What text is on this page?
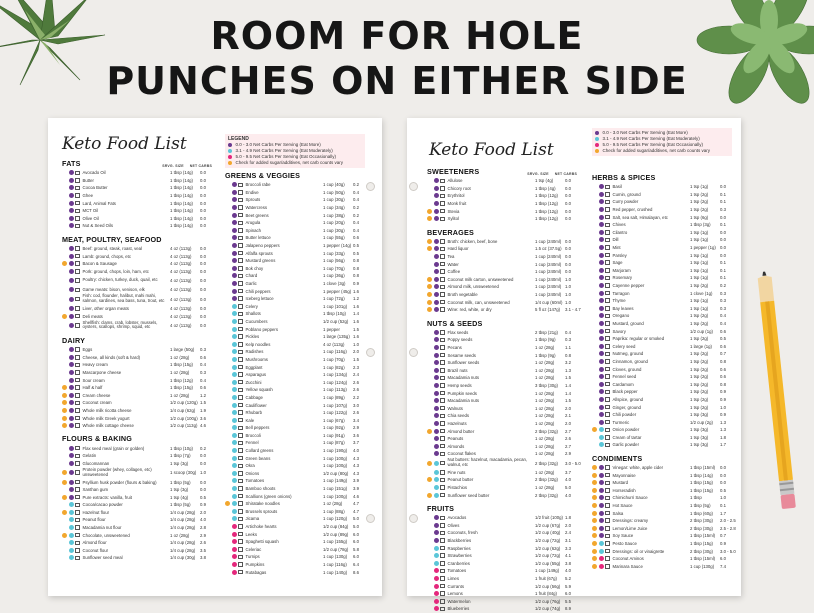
ROOM FOR HOLE
PUNCHES ON EITHER SIDE
Keto Food List	LEGEND
0.0 - 3.0 Net Carbs Per Serving (Eat More)
3.1 - 4.9 Net Carbs Per Serving (Eat Moderately)
5.0 - 9.5 Net Carbs Per Serving (Eat Occasionally)
Check for added sugar/additives, net carb counts vary
FATS	SRVG. SIZE NET CARBS
Avocado Oil	1 tbsp (14g)	0.0
Butter	1 tbsp (14g)	0.0
Cocoa Butter	1 tbsp (14g)	0.0
Ghee	1 tbsp (14g)	0.0
Lard, Animal Fats	1 tbsp (14g)	0.0
MCT Oil	1 tbsp (14g)	0.0
Olive Oil	1 tbsp (14g)	0.0
Nut & Seed Oils	1 tbsp (14g)	0.0
MEAT, POULTRY, SEAFOOD
Beef: ground, steak, roast, veal	4 oz (113g)	0.0
Lamb: ground, chops, etc	4 oz (113g)	0.0
Bacon & Sausage	4 oz (113g)	0.0
Pork: ground, chops, loin, ham, etc	4 oz (113g)	0.0
Poultry: chicken, turkey, duck, quail, etc	4 oz (113g)	0.0
Game meats: bison, venison, elk	4 oz (113g)	0.0
Fish: cod, flounder, halibut, mahi mahi, salmon, sardines, sea bass, tuna, trout, etc	4 oz (113g)	0.0
Liver, other organ meats	4 oz (113g)	0.0
Deli meats	4 oz (113g)	0.0
Shellfish: clams, crab, lobster, mussels, oysters, scallops, shrimp, squid, etc	4 oz (113g)	0.0
DAIRY
Eggs	1 large (50g)	0.3
Cheese, all kinds (soft & hard)	1 oz (28g)	0.6
Heavy cream	1 tbsp (15g)	0.4
Mascarpone cheese	1 oz (28g)	0.3
Sour cream	1 tbsp (12g)	0.4
Half & half	1 tbsp (15g)	0.6
Cream cheese	1 oz (28g)	1.2
Coconut cream	1/2 cup (120g) 1.5
Whole milk ricotta cheese	1/4 cup (62g)	1.9
Whole milk Greek yogurt	1/2 cup (100g) 3.6
Whole milk cottage cheese	1/2 cup (113g) 4.6
FLOURS & BAKING
Flax seed meal (grain or golden)	1 tbsp (10g)	0.2
Gelatin	1 tbsp (7g)	0.0
Glucomannan	1 tsp (3g)	0.0
Protein powder (whey, collagen, etc) unsweetened	1 scoop (30g) 1.0
Psyllium husk powder (flours & baking)	1 tbsp (5g)	0.0
Xanthan gum	1 tsp (3g)	0.0
Pure extracts: vanilla, fruit	1 tsp (4g)	0.5
Cocoa/cacao powder	1 tbsp (5g)	0.9
Hazelnut flour	1/4 cup (28g)	2.0
Peanut flour	1/4 cup (28g)	4.0
Macadamia nut flour	1/4 cup (28g)	2.8
Chocolate, unsweetened	1 oz (28g)	2.9
Almond flour	1/4 cup (28g)	2.6
Coconut flour	1/4 cup (28g)	3.5
Sunflower seed meal	1/4 cup (30g)	3.8
GREENS & VEGGIES
Broccoli rabe	1 cup (40g)	0.2
Endive	1 cup (50g)	0.4
Sprouts	1 cup (30g)	0.4
Watercress	1 cup (34g)	0.2
Beet greens	1 cup (38g)	0.2
Arugula	1 cup (20g)	0.4
Spinach	1 cup (30g)	0.4
Butter lettuce	1 cup (55g)	0.6
Jalapeno peppers	1 pepper (14g) 0.5
Alfalfa sprouts	1 cup (33g)	0.5
Mustard greens	1 cup (56g)	0.8
Bok choy	1 cup (70g)	0.8
Chard	1 cup (36g)	0.8
Garlic	1 clove (3g)	0.9
Chili peppers	1 pepper (45g) 1.6
Iceberg lettuce	1 cup (72g)	1.2
Celery	1 cup (101g)	1.6
Shallots	1 tbsp (10g)	1.4
Cucumbers	1/2 cup (52g)	1.6
Poblano peppers	1 pepper	1.5
Pickles	1 large (135g) 1.6
Kelp noodles	4 oz (113g)	1.0
Radishes	1 cup (116g)	2.0
Mushrooms	1 cup (70g)	1.5
Eggplant	1 cup (82g)	2.3
Asparagus	1 cup (134g)	2.4
Zucchini	1 cup (124g)	2.6
Yellow squash	1 cup (113g)	2.6
Cabbage	1 cup (89g)	2.2
Cauliflower	1 cup (107g)	3.0
Rhubarb	1 cup (122g)	2.6
Kale	1 cup (67g)	3.4
Bell peppers	1 cup (92g)	2.9
Broccoli	1 cup (91g)	3.6
Fennel	1 cup (87g)	3.7
Collard greens	1 cup (190g)	4.0
Green beans	1 cup (100g)	4.3
Okra	1 cup (100g)	4.3
Onions	1/2 cup (80g)	4.3
Tomatoes	1 cup (149g)	3.9
Bamboo shoots	1 cup (151g)	3.9
Scallions (green onions)	1 cup (100g)	4.6
Shiratake noodles	1 oz (28g)	4.7
Brussels sprouts	1 cup (88g)	4.7
Jicama	1 cup (120g)	5.0
Artichoke hearts	1/2 cup (84g)	5.0
Leeks	1/2 cup (89g)	6.0
Spaghetti squash	1 cup (155g)	6.0
Celeriac	1/2 cup (78g)	5.8
Turnips	1 cup (130g)	6.0
Pumpkins	1 cup (116g)	6.4
Rutabagas	1 cup (140g)	8.6
Keto Food List
0.0 - 3.0 Net Carbs Per Serving (Eat More)
3.1 - 4.9 Net Carbs Per Serving (Eat Moderately)
5.0 - 9.5 Net Carbs Per Serving (Eat Occasionally)
Check for added sugar/additives, net carb counts vary
SWEETENERS	SRVG. SIZE NET CARBS
Allulose	1 tsp (4g)	0.0
Chicory root	1 tbsp (4g)	0.0
Erythritol	1 tbsp (12g)	0.0
Monk fruit	1 tbsp (12g)	0.0
Stevia	1 tbsp (12g)	0.0
Xylitol	1 tbsp (12g)	0.0
BEVERAGES
Broth: chicken, beef, bone	1 cup (240ml) 0.0
Hard liquor	1.5 oz (37.5g) 0.0
Tea	1 cup (240ml) 0.0
Water	1 cup (240ml) 0.0
Coffee	1 cup (240ml) 0.0
Coconut milk carton, unsweetened	1 cup (240ml) 1.0
Almond milk, unsweetened	1 cup (240ml) 1.0
Broth vegetable	1 cup (240ml) 1.0
Coconut milk, can, unsweetened	1/4 cup (60ml) 1.0
Wine: red, white, or dry	5 fl oz (147g)	3.1 - 4.7
NUTS & SEEDS
Flax seeds	2 tbsp (21g)	0.4
Poppy seeds	1 tbsp (9g)	0.3
Pecans	1 oz (28g)	1.1
Sesame seeds	1 tbsp (9g)	0.8
Sunflower seeds	1 oz (28g)	3.2
Brazil nuts	1 oz (28g)	1.3
Macadamia nuts	1 oz (28g)	1.5
Hemp seeds	3 tbsp (30g)	1.4
Pumpkin seeds	1 oz (28g)	1.4
Macadamia nuts	1 oz (28g)	1.5
Walnuts	1 oz (28g)	2.0
Chia seeds	1 oz (28g)	2.1
Hazelnuts	1 oz (28g)	2.0
Almond butter	2 tbsp (32g)	2.7
Peanuts	1 oz (28g)	2.6
Almonds	1 oz (28g)	2.7
Coconut flakes	1 oz (28g)	2.9
Nut butters: hazelnut, macadamia, pecan, walnut, etc	2 tbsp (32g)	3.0 - 5.0
Pine nuts	1 oz (28g)	3.7
Peanut butter	2 tbsp (32g)	4.0
Pistachios	1 oz (28g)	5.0
Sunflower seed butter	2 tbsp (32g)	4.0
FRUITS
Avocados	1/2 fruit (100g) 1.8
Olives	1/2 cup (67g)	2.0
Coconuts, fresh	1/2 cup (40g)	2.4
Blackberries	1/2 cup (72g)	3.1
Raspberries	1/2 cup (62g)	3.3
Strawberries	1/2 cup (72g)	4.1
Cranberries	1/2 cup (55g)	3.8
Tomatoes	1 cup (149g)	4.0
Limes	1 fruit (67g)	5.2
Currants	1/2 cup (56g)	5.9
Lemons	1 fruit (84g)	6.0
Watermelon	1/2 cup (76g)	5.5
Blueberries	1/2 cup (74g)	8.9
HERBS & SPICES
Basil	1 tsp (1g)	0.0
Cumin, ground	1 tsp (2g)	0.1
Curry powder	1 tsp (2g)	0.1
Red pepper, crushed	1 tsp (2g)	0.3
Salt, sea salt, Himalayan, etc	1 tsp (6g)	0.0
Chives	1 tbsp (3g)	0.1
Cilantro	1 tsp (1g)	0.0
Dill	1 tsp (1g)	0.0
Mint	1 pepper (1g) 0.0
Parsley	1 tsp (1g)	0.0
Sage	1 tsp (1g)	0.1
Marjoram	1 tsp (1g)	0.1
Rosemary	1 tsp (1g)	0.1
Cayenne pepper	1 tsp (2g)	0.2
Tarragon	1 clove (1g)	0.3
Thyme	1 tsp (1g)	0.3
Bay leaves	1 tsp (1g)	0.3
Oregano	1 tsp (2g)	0.4
Mustard, ground	1 tsp (2g)	0.4
Savory	1/2 cup (1g)	0.6
Paprika: regular or smoked	1 tsp (2g)	0.5
Celery seed	1 large (1g)	0.6
Nutmeg, ground	1 tsp (2g)	0.7
Cinnamon, ground	1 tsp (2g)	0.8
Cloves, ground	1 tsp (2g)	0.6
Fennel seed	1 tsp (2g)	0.6
Cardamom	1 tsp (2g)	0.8
Black pepper	1 tsp (2g)	0.9
Allspice, ground	1 tsp (2g)	0.9
Ginger, ground	1 tsp (2g)	1.0
Chili powder	1 tsp (3g)	0.9
Turmeric	1/2 cup (2g)	1.3
Onion powder	1 tsp (3g)	1.3
Cream of tartar	1 tsp (3g)	1.8
Garlic powder	1 tsp (3g)	1.7
CONDIMENTS
Vinegar: white, apple cider	1 tbsp (15ml)	0.0
Mayonnaise	1 tbsp (14g)	0.0
Mustard	1 tbsp (15g)	0.0
Horseradish	1 tbsp (15g)	0.5
Chimichurri Sauce	1 tbsp	1.0
Hot Sauce	1 tbsp (5g)	0.1
Salsa	1 tbsp (60g)	1.7
Dressings: creamy	2 tbsp (30g)	2.0 - 2.5
Lemon/Lime Juice	2 tbsp (30g)	2.5 - 2.8
Soy Sauce	1 tbsp (15ml)	0.7
Pesto Sauce	1 tbsp (15g)	0.9
Dressings: oil or vinaigrette	2 tbsp (30g)	3.0 - 5.0
Coconut Aminos	1 tbsp (15ml)	6.0
Marinara Sauce	1 cup (130g)	7.4
